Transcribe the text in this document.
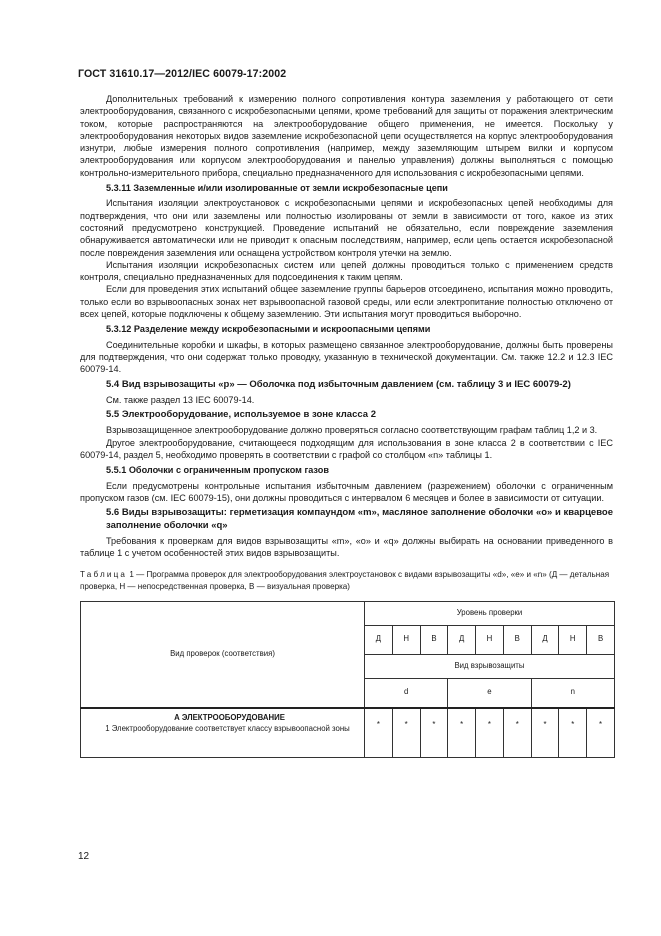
ГОСТ 31610.17—2012/IEC 60079-17:2002

Дополнительных требований к измерению полного сопротивления контура заземления у работающего от сети электрооборудования, связанного с искробезопасными цепями, кроме требований для защиты от поражения электрическим током, которые распространяются на электрооборудование общего применения, не имеется. Поскольку у электрооборудования некоторых видов заземление искробезопасной цепи осуществляется на корпус электрооборудования изнутри, любые измерения полного сопротивления (например, между заземляющим штырем вилки и корпусом электрооборудования или корпусом электрооборудования и панелью управления) должны выполняться с помощью контрольно-измерительного прибора, специально предназначенного для использования с искробезопасными цепями.

5.3.11 Заземленные и/или изолированные от земли искробезопасные цепи

Испытания изоляции электроустановок с искробезопасными цепями и искробезопасных цепей необходимы для подтверждения, что они или заземлены или полностью изолированы от земли в зависимости от того, какое из этих состояний предусмотрено конструкцией. Проведение испытаний не обязательно, если повреждение заземления обнаруживается автоматически или не приводит к опасным последствиям, например, если цепь остается искробезопасной после повреждения заземления или оснащена устройством контроля утечки на землю.

Испытания изоляции искробезопасных систем или цепей должны проводиться только с применением средств контроля, специально предназначенных для подсоединения к таким цепям.

Если для проведения этих испытаний общее заземление группы барьеров отсоединено, испытания можно проводить, только если во взрывоопасных зонах нет взрывоопасной газовой среды, или если электропитание полностью отключено от всех цепей, которые подключены к общему заземлению. Эти испытания могут проводиться выборочно.

5.3.12 Разделение между искробезопасными и искроопасными цепями

Соединительные коробки и шкафы, в которых размещено связанное электрооборудование, должны быть проверены для подтверждения, что они содержат только проводку, указанную в технической документации. См. также 12.2 и 12.3 IEC 60079-14.

5.4 Вид взрывозащиты «р» — Оболочка под избыточным давлением (см. таблицу 3 и IEC 60079-2)

См. также раздел 13 IEC 60079-14.

5.5 Электрооборудование, используемое в зоне класса 2

Взрывозащищенное электрооборудование должно проверяться согласно соответствующим графам таблиц 1,2 и 3.

Другое электрооборудование, считающееся подходящим для использования в зоне класса 2 в соответствии с IEC 60079-14, раздел 5, необходимо проверять в соответствии с графой со столбцом «n» таблицы 1.

5.5.1 Оболочки с ограниченным пропуском газов

Если предусмотрены контрольные испытания избыточным давлением (разрежением) оболочки с ограниченным пропуском газов (см. IEC 60079-15), они должны проводиться с интервалом 6 месяцев и более в зависимости от ситуации.

5.6 Виды взрывозащиты: герметизация компаундом «m», масляное заполнение оболочки «о» и кварцевое заполнение оболочки «q»

Требования к проверкам для видов взрывозащиты «m», «о» и «q» должны выбирать на основании приведенного в таблице 1 с учетом особенностей этих видов взрывозащиты.

Таблица 1 — Программа проверок для электрооборудования электроустановок с видами взрывозащиты «d», «е» и «n» (Д — детальная проверка, Н — непосредственная проверка, В — визуальная проверка)

Вид проверок (соответствия)	Уровень проверки								
	Д	Н	В	Д	Н	В	Д	Н	В
	Вид взрывозащиты								
	d			e			n		

А ЭЛЕКТРООБОРУДОВАНИЕ
1 Электрооборудование соответствует классу взрывоопасной зоны	*	*	*	*	*	*	*	*	*
12
